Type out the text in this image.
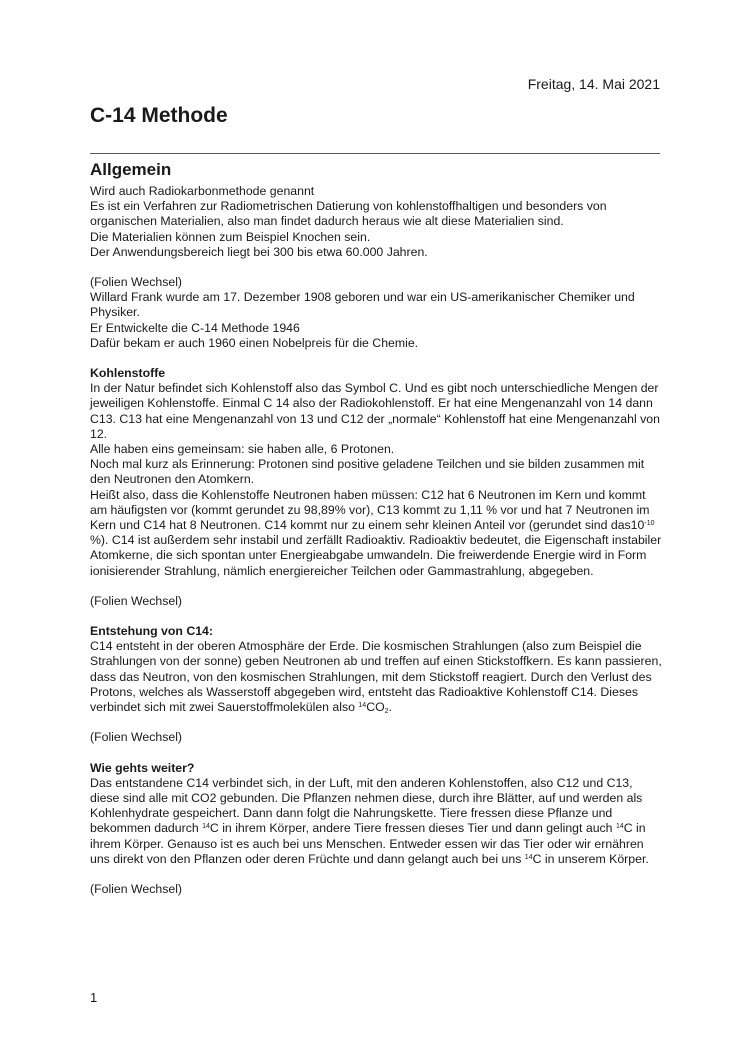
Freitag, 14. Mai 2021
C-14 Methode
Allgemein

Wird auch Radiokarbonmethode genannt

Es ist ein Verfahren zur Radiometrischen Datierung von kohlenstoffhaltigen und besonders von organischen Materialien, also man findet dadurch heraus wie alt diese Materialien sind.

Die Materialien können zum Beispiel Knochen sein.

Der Anwendungsbereich liegt bei 300 bis etwa 60.000 Jahren.

(Folien Wechsel)

Willard Frank wurde am 17. Dezember 1908 geboren und war ein US-amerikanischer Chemiker und Physiker.

Er Entwickelte die C-14 Methode 1946

Dafür bekam er auch 1960 einen Nobelpreis für die Chemie.

Kohlenstoffe

In der Natur befindet sich Kohlenstoff also das Symbol C. Und es gibt noch unterschiedliche Mengen der jeweiligen Kohlenstoffe. Einmal C 14 also der Radiokohlenstoff. Er hat eine Mengenanzahl von 14 dann C13. C13 hat eine Mengenanzahl von 13 und C12 der „normale“ Kohlenstoff hat eine Mengenanzahl von 12.

Alle haben eins gemeinsam: sie haben alle, 6 Protonen.

Noch mal kurz als Erinnerung: Protonen sind positive geladene Teilchen und sie bilden zusammen mit den Neutronen den Atomkern.

Heißt also, dass die Kohlenstoffe Neutronen haben müssen: C12 hat 6 Neutronen im Kern und kommt am häufigsten vor (kommt gerundet zu 98,89% vor), C13 kommt zu 1,11 % vor und hat 7 Neutronen im Kern und C14 hat 8 Neutronen. C14 kommt nur zu einem sehr kleinen Anteil vor (gerundet sind $das10^{-10}$ %). C14 ist außerdem sehr instabil und zerfällt Radioaktiv. Radioaktiv bedeutet, die Eigenschaft instabiler Atomkerne, die sich spontan unter Energieabgabe umwandeln. Die freiwerdende Energie wird in Form ionisierender Strahlung, nämlich energiereicher Teilchen oder Gammastrahlung, abgegeben.

(Folien Wechsel)

Entstehung von C14:

C14 entsteht in der oberen Atmosphäre der Erde. Die kosmischen Strahlungen (also zum Beispiel die Strahlungen von der sonne) geben Neutronen ab und treffen auf einen Stickstoffkern. Es kann passieren, dass das Neutron, von den kosmischen Strahlungen, mit dem Stickstoff reagiert. Durch den Verlust des Protons, welches als Wasserstoff abgegeben wird, entsteht das Radioaktive Kohlenstoff C14. Dieses verbindet sich mit zwei Sauerstoffmolekülen also $^{14}CO_2$.

(Folien Wechsel)

Wie gehts weiter?

Das entstandene C14 verbindet sich, in der Luft, mit den anderen Kohlenstoffen, also C12 und C13, diese sind alle mit CO2 gebunden. Die Pflanzen nehmen diese, durch ihre Blätter, auf und werden als Kohlenhydrate gespeichert. Dann dann folgt die Nahrungskette. Tiere fressen diese Pflanze und bekommen dadurch $^{14}$C in ihrem Körper, andere Tiere fressen dieses Tier und dann gelingt auch $^{14}$C in ihrem Körper. Genauso ist es auch bei uns Menschen. Entweder essen wir das Tier oder wir ernähren uns direkt von den Pflanzen oder deren Früchte und dann gelangt auch bei uns $^{14}$C in unserem Körper.

(Folien Wechsel)

1
